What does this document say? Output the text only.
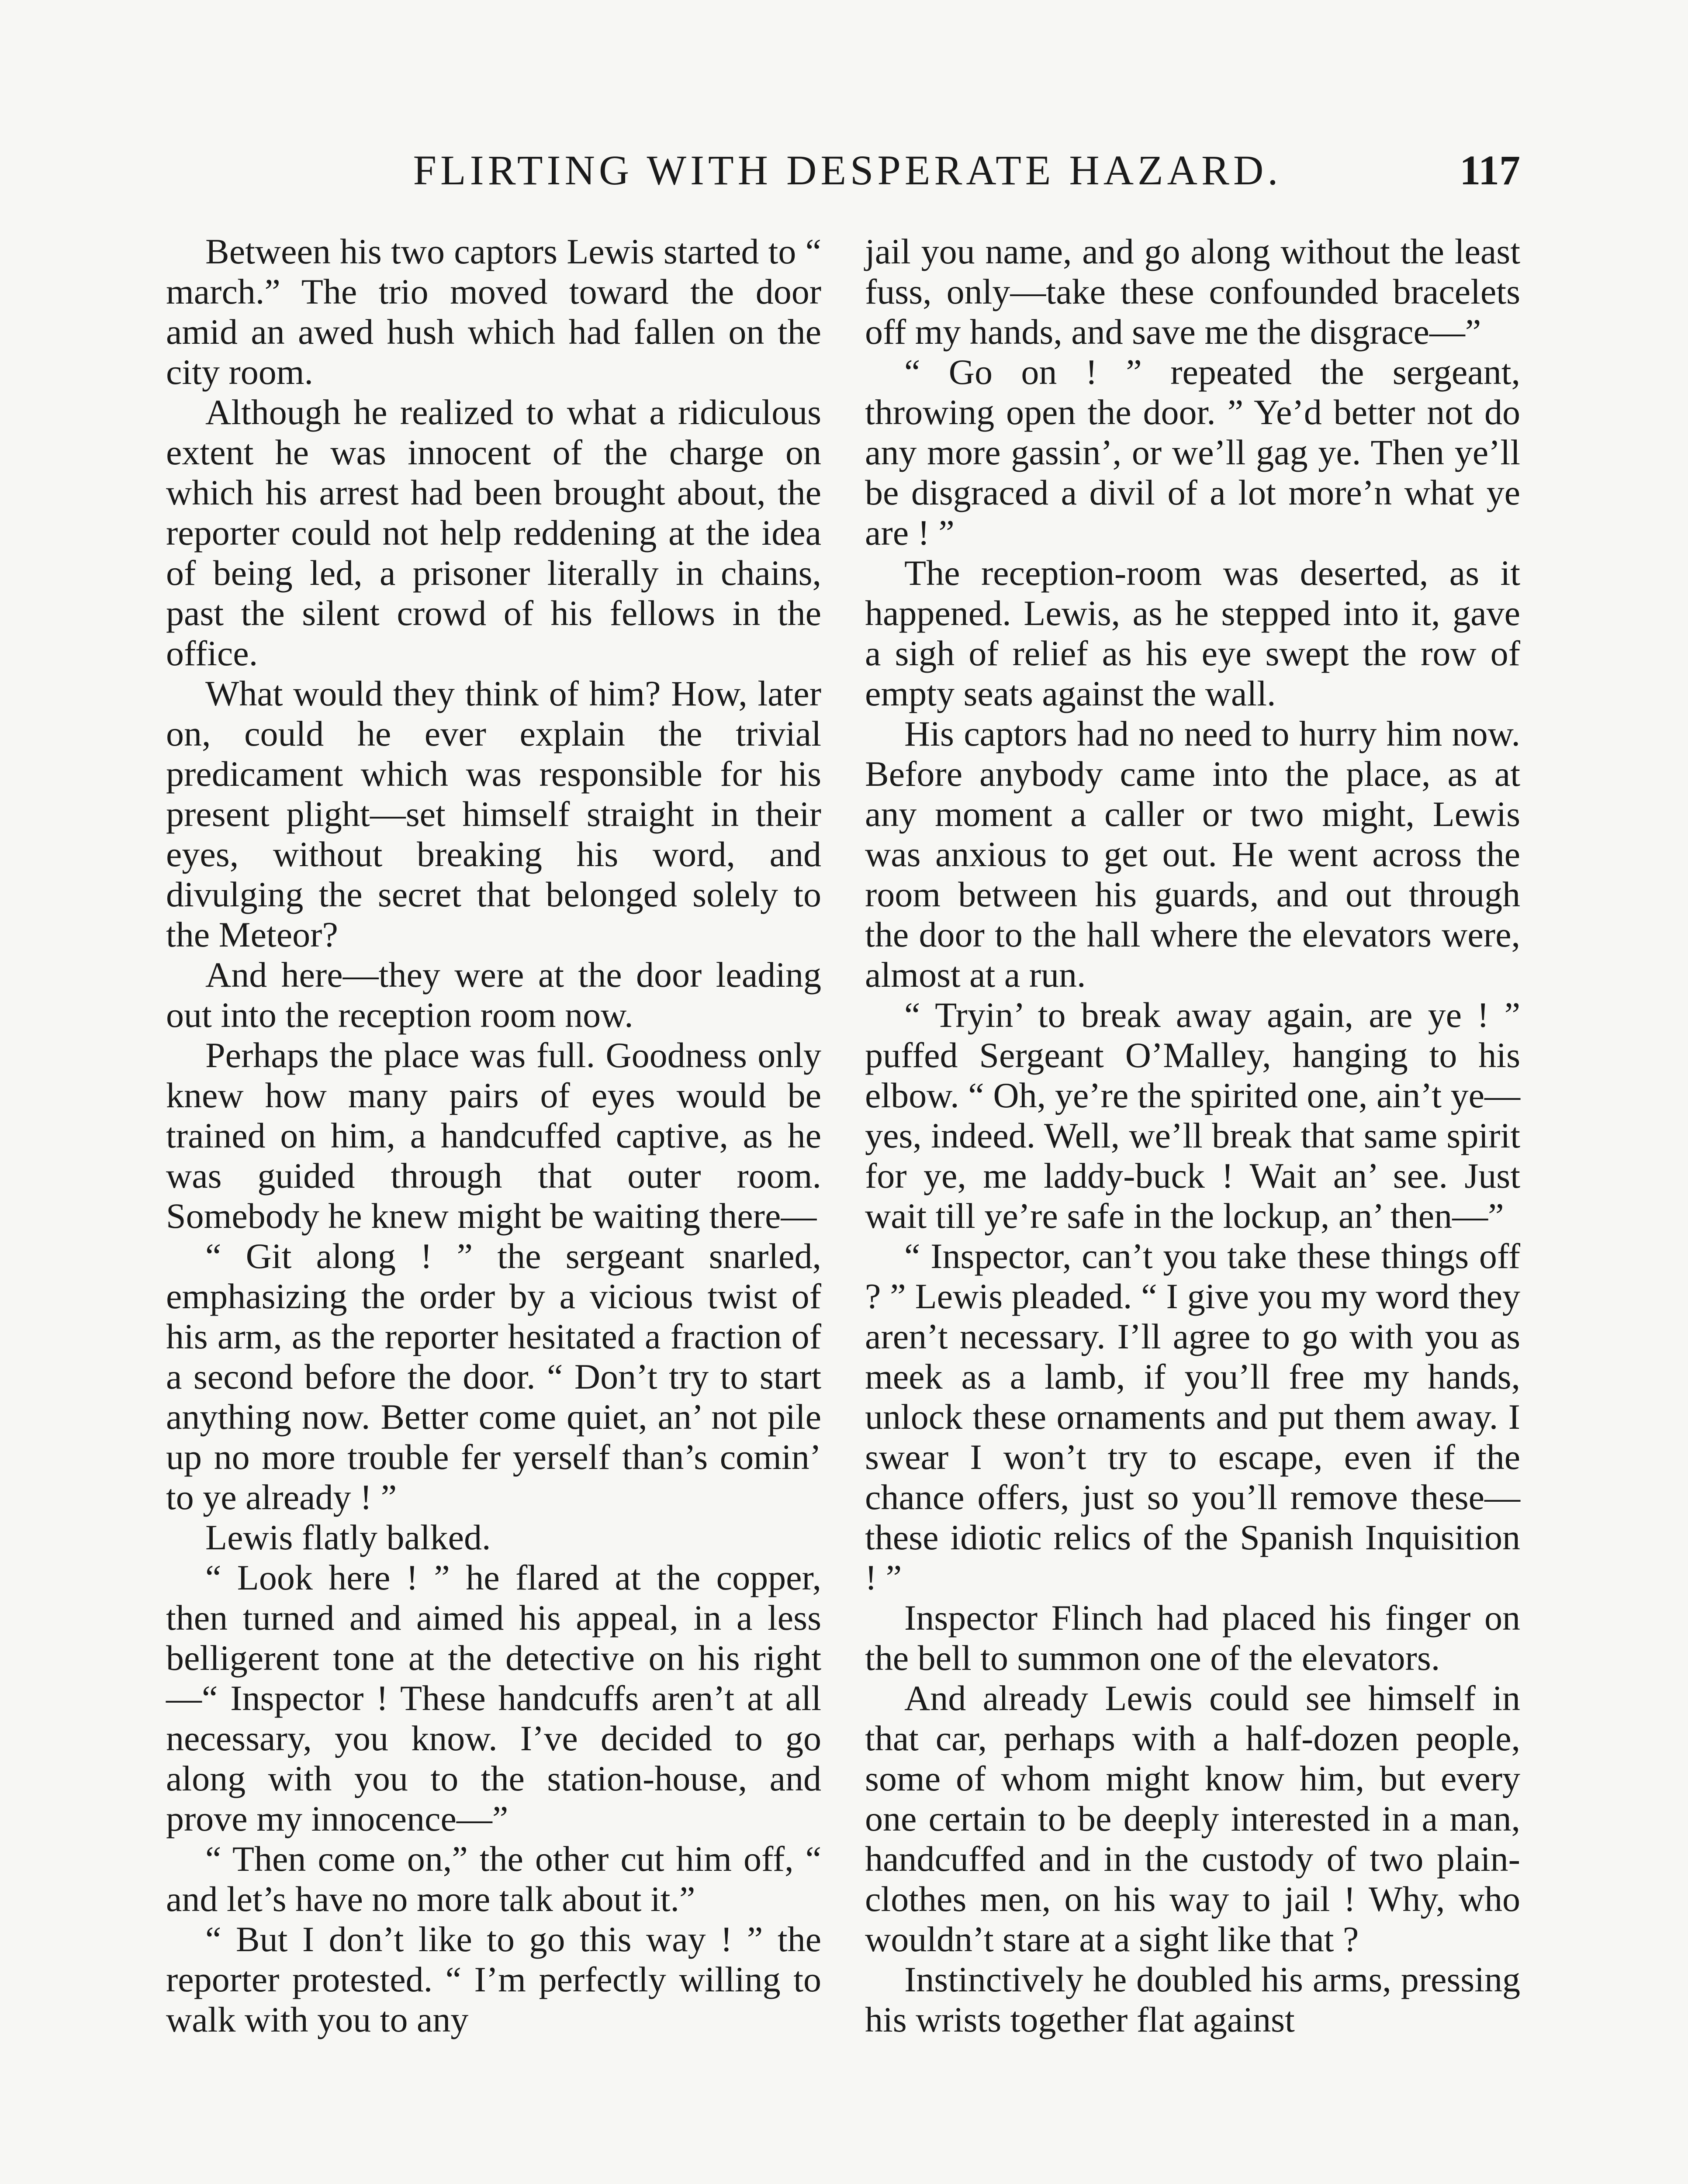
FLIRTING WITH DESPERATE HAZARD.	117

Between his two captors Lewis started to “ march.” The trio moved toward the door amid an awed hush which had fallen on the city room.

Although he realized to what a ridiculous extent he was innocent of the charge on which his arrest had been brought about, the reporter could not help reddening at the idea of being led, a prisoner literally in chains, past the silent crowd of his fellows in the office.

What would they think of him? How, later on, could he ever explain the trivial predicament which was responsible for his present plight—set himself straight in their eyes, without breaking his word, and divulging the secret that belonged solely to the Meteor?

And here—they were at the door leading out into the reception room now.

Perhaps the place was full. Goodness only knew how many pairs of eyes would be trained on him, a handcuffed captive, as he was guided through that outer room. Somebody he knew might be waiting there—

“ Git along ! ” the sergeant snarled, emphasizing the order by a vicious twist of his arm, as the reporter hesitated a fraction of a second before the door. “ Don’t try to start anything now. Better come quiet, an’ not pile up no more trouble fer yerself than’s comin’ to ye already ! ”

Lewis flatly balked.

“ Look here ! ” he flared at the copper, then turned and aimed his appeal, in a less belligerent tone at the detective on his right—“ Inspector ! These handcuffs aren’t at all necessary, you know. I’ve decided to go along with you to the station-house, and prove my innocence—”

“ Then come on,” the other cut him off, “ and let’s have no more talk about it.”

“ But I don’t like to go this way ! ” the reporter protested. “ I’m perfectly willing to walk with you to any

jail you name, and go along without the least fuss, only—take these confounded bracelets off my hands, and save me the disgrace—”

“ Go on ! ” repeated the sergeant, throwing open the door. ” Ye’d better not do any more gassin’, or we’ll gag ye. Then ye’ll be disgraced a divil of a lot more’n what ye are ! ”

The reception-room was deserted, as it happened. Lewis, as he stepped into it, gave a sigh of relief as his eye swept the row of empty seats against the wall.

His captors had no need to hurry him now. Before anybody came into the place, as at any moment a caller or two might, Lewis was anxious to get out. He went across the room between his guards, and out through the door to the hall where the elevators were, almost at a run.

“ Tryin’ to break away again, are ye ! ” puffed Sergeant O’Malley, hanging to his elbow. “ Oh, ye’re the spirited one, ain’t ye—yes, indeed. Well, we’ll break that same spirit for ye, me laddy-buck ! Wait an’ see. Just wait till ye’re safe in the lockup, an’ then—”

“ Inspector, can’t you take these things off ? ” Lewis pleaded. “ I give you my word they aren’t necessary. I’ll agree to go with you as meek as a lamb, if you’ll free my hands, unlock these ornaments and put them away. I swear I won’t try to escape, even if the chance offers, just so you’ll remove these—these idiotic relics of the Spanish Inquisition ! ”

Inspector Flinch had placed his finger on the bell to summon one of the elevators.

And already Lewis could see himself in that car, perhaps with a half-dozen people, some of whom might know him, but every one certain to be deeply interested in a man, handcuffed and in the custody of two plain-clothes men, on his way to jail ! Why, who wouldn’t stare at a sight like that ?

Instinctively he doubled his arms, pressing his wrists together flat against
